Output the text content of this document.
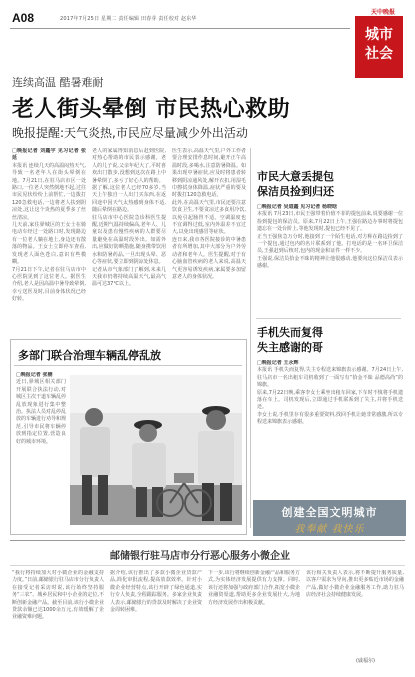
A08	2017年7月25日 星期二 责任编辑 田春芽 责任校对 赵东华
天中晚报
城市
社会
连续高温 酷暑难耐
老人街头晕倒 市民热心救助
晚报提醒:天气炎热,市民应尽量减少外出活动

□晚报记者 刘鑫宇 见习记者 张延

本报讯 连续几天的高温闷热天气,导致一名老年人在街头晕倒在地。7月21日,在驻马店市区一处路口,一位老人突然倒地不起,过往市民见状纷纷上前帮忙,一边拨打120急救电话,一边将老人扶到阴凉处,这让这个炎热的夏季多了丝丝清凉。

几天前,家住驿城区的王女士在骑电动车经过一处路口时,发现路边有一位老人躺在地上,身边还有散落的物品。王女士立即停车查看,发现老人面色苍白,意识有些模糊。

7月21日下午,记者在驻马店市中心医院见到了这位老人。据医生介绍,老人是因高温中暑导致晕倒,幸亏送医及时,目前身体状况已经好转。

老人的家属得知消息后赶到医院,对热心帮助的市民表示感谢。老人的儿子说,父亲年纪大了,平时喜欢出门散步,没想到这次在路上中暑晕倒了,多亏了好心人的帮助。

据了解,这位老人已经70多岁,当天上午独自一人出门买东西,在返回途中因天气太热感到身体不适,随后晕倒在路边。

驻马店市中心医院急诊科医生提醒,近期气温持续偏高,老年人、儿童以及患有慢性疾病的人群要尽量避免在高温时段外出。如需外出,应做好防晒措施,随身携带饮用水和防暑药品,一旦出现头晕、恶心等症状,要立即到阴凉处休息。

记者从市气象部门了解到,未来几天我市仍将持续高温天气,最高气温可达37℃以上。

医生表示,高温天气里,户外工作者要合理安排作息时间,避开正午高温时段,多喝水,注意防暑降温。如果出现中暑症状,应及时将患者转移到阴凉通风处,解开衣扣,用湿毛巾擦拭身体降温,症状严重的要及时拨打120急救电话。

此外,在高温天气里,市民还要注意饮食卫生,不要贪凉过多食用冷饮,以免引起肠胃不适。空调温度也不宜调得过低,室内外温差不宜过大,以免出现感冒等症状。

连日来,我市各医院接诊的中暑患者有所增加,其中大部分为户外劳动者和老年人。医生提醒,对于有心脑血管疾病的老人来说,高温天气更容易诱发疾病,家属要多加留意老人的身体状况。

市民大意丢提包
保洁员捡到归还

□晚报记者 吴道鑫 见习记者 杨晓晗

本报讯 7月23日,市民王强带着价值不菲的提包前来,说要感谢一位捡到提包的保洁员。原来,7月22日上午,王强在路边办事时将提包遗忘在一处台阶上,等他发现时,提包已经不见了。

正当王强焦急万分时,他接到了一个陌生电话,对方称在路边捡到了一个提包,通过包内的名片联系到了他。打电话的是一名环卫保洁员,王强赶到后核对,包内的现金和证件一样不少。

王强说,保洁员拾金不昧的精神让他很感动,他要向这位保洁员表示感谢。

手机失而复得
失主感谢的哥

□晚报记者 王永辉

本报讯 手机失而复得,失主专程送来锦旗表示感谢。7月24日上午,驻马店市一名出租车司机收到了一面写有“拾金不昧 品德高尚”的锦旗。

原来,7月22日晚,乘客李女士乘坐出租车回家,下车时不慎将手机遗落在车上。司机发现后,立即通过手机联系到了失主,并将手机送还。

李女士说,手机里存有很多重要资料,找回手机让她非常感激,所以专程送来锦旗表示感谢。

创建全国文明城市
我奉献 我快乐
多部门联合治理车辆乱停乱放

□晚报记者 张楠

近日,驿城区相关部门开展联合执法行动,对城区主次干道车辆乱停乱放现象进行集中整治。执法人员对乱停乱放的车辆进行劝导和规范,引导市民将车辆停放到指定位置,营造良好的城市环境。

邮储银行驻马店市分行恶心服务小微企业

“我行将持续加大对小微企业的金融支持力度。”日前,邮储银行驻马店市分行负责人在接受记者采访时说,该行始终坚持服务“三农”、城乡居民和中小企业的定位,不断创新金融产品。截至目前,该行小微企业贷款余额已达1000余万元,有效缓解了企业融资难问题。

据介绍,该行推出了多款小微企业贷款产品,简化审批流程,提高放款效率。针对小微企业经营特点,该行开辟了绿色通道,实行专人负责,全程跟踪服务。多家企业负责人表示,邮储银行的贷款及时解决了企业资金周转困难。

下一步,该行将继续创新金融产品和服务方式,为实体经济发展提供有力支撑。同时,该行还将加强与政府部门合作,拓宽小微企业融资渠道,帮助更多企业发展壮大,为地方经济发展作出积极贡献。

该行相关负责人表示,将不断提升服务质量,以客户需求为导向,推出更多贴近市场的金融产品,做好小微企业金融服务工作,助力驻马店经济社会持续健康发展。

(戚福尔)
